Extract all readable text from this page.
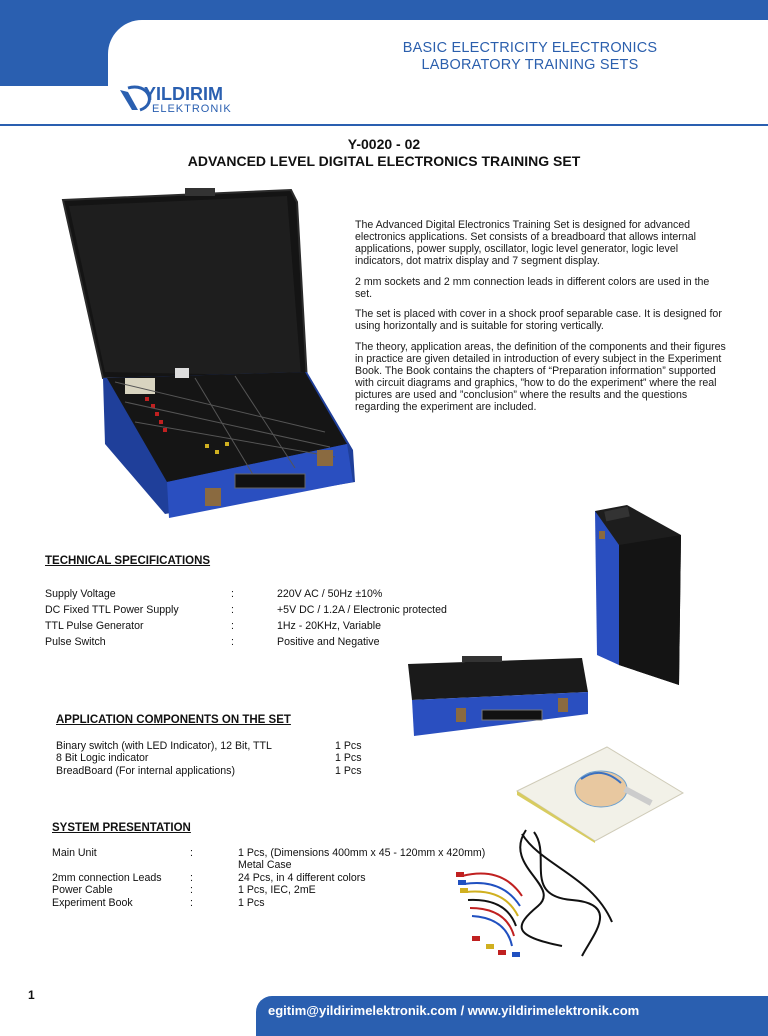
BASIC ELECTRICITY ELECTRONICS
LABORATORY TRAINING SETS
YILDIRIM
ELEKTRONIK
Y-0020 - 02
ADVANCED LEVEL DIGITAL ELECTRONICS TRAINING SET

The Advanced Digital Electronics Training Set is designed for advanced electronics applications. Set consists of a breadboard that allows internal applications, power supply, oscillator, logic level generator, logic level indicators, dot matrix display and 7 segment display.

2 mm sockets and 2 mm connection leads in different colors are used in the set.

The set is placed with cover in a shock proof separable case. It is designed for using horizontally and is suitable for storing vertically.

The theory, application areas, the definition of the components and their figures in practice are given detailed in introduction of every subject in the Experiment Book. The Book contains the chapters of “Preparation information” supported with circuit diagrams and graphics, ”how to do the experiment” where the real pictures are used and ”conclusion” where the results and the questions regarding the experiment are included.

TECHNICAL SPECIFICATIONS
Supply Voltage	:	220V AC / 50Hz ±10%
DC Fixed TTL Power Supply	:	+5V DC / 1.2A / Electronic protected
TTL Pulse Generator	:	1Hz - 20KHz, Variable
Pulse Switch	:	Positive and Negative
APPLICATION COMPONENTS ON THE SET
Binary switch (with LED Indicator), 12 Bit, TTL	1 Pcs
8 Bit Logic indicator	1 Pcs
BreadBoard (For internal applications)	1 Pcs
SYSTEM PRESENTATION
Main Unit	:	1 Pcs, (Dimensions 400mm x 45 - 120mm x 420mm)
Metal Case
2mm connection Leads	:	24 Pcs, in 4 different colors
Power Cable	:	1 Pcs, IEC, 2mE
Experiment Book	:	1 Pcs
1
egitim@yildirimelektronik.com / www.yildirimelektronik.com
